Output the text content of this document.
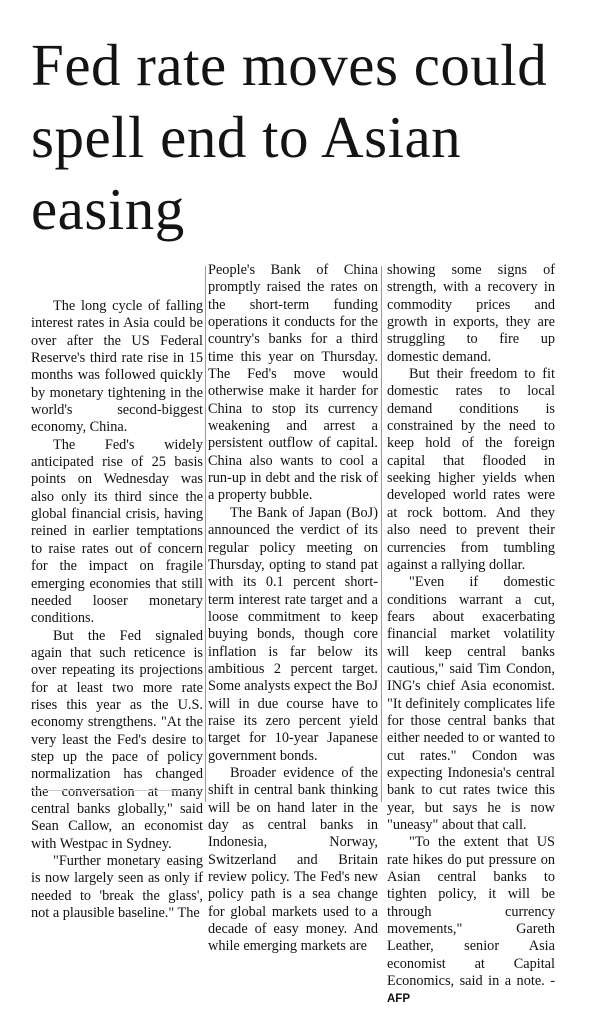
Fed rate moves could spell end to Asian easing

The long cycle of falling interest rates in Asia could be over after the US Federal Reserve's third rate rise in 15 months was followed quickly by monetary tightening in the world's second-biggest economy, China.

The Fed's widely anticipated rise of 25 basis points on Wednesday was also only its third since the global financial crisis, having reined in earlier temptations to raise rates out of concern for the impact on fragile emerging economies that still needed looser monetary conditions.

But the Fed signaled again that such reticence is over repeating its projections for at least two more rate rises this year as the U.S. economy strengthens. "At the very least the Fed's desire to step up the pace of policy normalization has changed the conversation at many central banks globally," said Sean Callow, an economist with Westpac in Sydney.

"Further monetary easing is now largely seen as only if needed to 'break the glass', not a plausible baseline." The

People's Bank of China promptly raised the rates on the short-term funding operations it conducts for the country's banks for a third time this year on Thursday. The Fed's move would otherwise make it harder for China to stop its currency weakening and arrest a persistent outflow of capital. China also wants to cool a run-up in debt and the risk of a property bubble.

The Bank of Japan (BoJ) announced the verdict of its regular policy meeting on Thursday, opting to stand pat with its 0.1 percent short-term interest rate target and a loose commitment to keep buying bonds, though core inflation is far below its ambitious 2 percent target. Some analysts expect the BoJ will in due course have to raise its zero percent yield target for 10-year Japanese government bonds.

Broader evidence of the shift in central bank thinking will be on hand later in the day as central banks in Indonesia, Norway, Switzerland and Britain review policy. The Fed's new policy path is a sea change for global markets used to a decade of easy money. And while emerging markets are

showing some signs of strength, with a recovery in commodity prices and growth in exports, they are struggling to fire up domestic demand.

But their freedom to fit domestic rates to local demand conditions is constrained by the need to keep hold of the foreign capital that flooded in seeking higher yields when developed world rates were at rock bottom. And they also need to prevent their currencies from tumbling against a rallying dollar.

"Even if domestic conditions warrant a cut, fears about exacerbating financial market volatility will keep central banks cautious," said Tim Condon, ING's chief Asia economist. "It definitely complicates life for those central banks that either needed to or wanted to cut rates." Condon was expecting Indonesia's central bank to cut rates twice this year, but says he is now "uneasy" about that call.

"To the extent that US rate hikes do put pressure on Asian central banks to tighten policy, it will be through currency movements," Gareth Leather, senior Asia economist at Capital Economics, said in a note. -AFP
